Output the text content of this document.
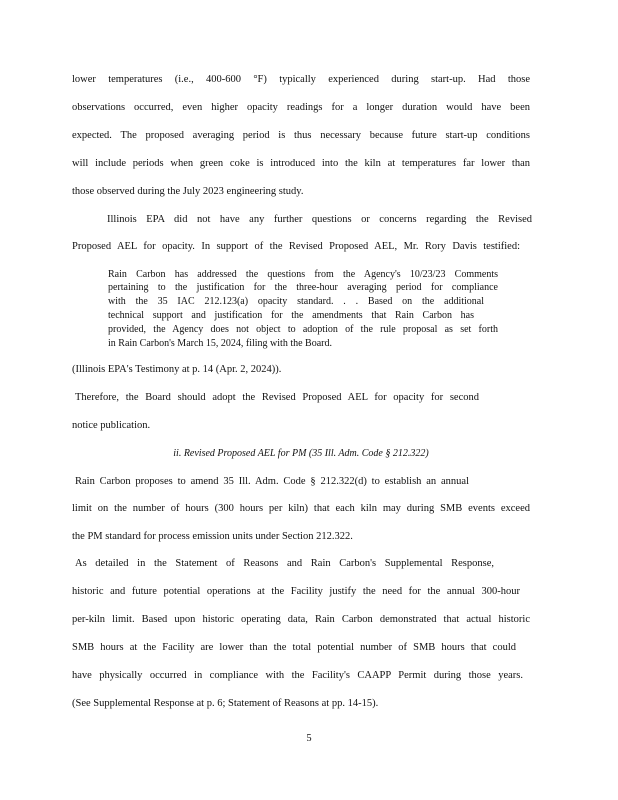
lower temperatures (i.e., 400-600 °F) typically experienced during start-up. Had those
observations occurred, even higher opacity readings for a longer duration would have been
expected. The proposed averaging period is thus necessary because future start-up conditions
will include periods when green coke is introduced into the kiln at temperatures far lower than
those observed during the July 2023 engineering study.
Illinois EPA did not have any further questions or concerns regarding the Revised
Proposed AEL for opacity. In support of the Revised Proposed AEL, Mr. Rory Davis testified:
Rain Carbon has addressed the questions from the Agency's 10/23/23 Comments
pertaining to the justification for the three-hour averaging period for compliance
with the 35 IAC 212.123(a) opacity standard. . . Based on the additional
technical support and justification for the amendments that Rain Carbon has
provided, the Agency does not object to adoption of the rule proposal as set forth
in Rain Carbon's March 15, 2024, filing with the Board.
(Illinois EPA's Testimony at p. 14 (Apr. 2, 2024)).
Therefore, the Board should adopt the Revised Proposed AEL for opacity for second
notice publication.
ii. Revised Proposed AEL for PM (35 Ill. Adm. Code § 212.322)
Rain Carbon proposes to amend 35 Ill. Adm. Code § 212.322(d) to establish an annual
limit on the number of hours (300 hours per kiln) that each kiln may during SMB events exceed
the PM standard for process emission units under Section 212.322.
As detailed in the Statement of Reasons and Rain Carbon's Supplemental Response,
historic and future potential operations at the Facility justify the need for the annual 300-hour
per-kiln limit. Based upon historic operating data, Rain Carbon demonstrated that actual historic
SMB hours at the Facility are lower than the total potential number of SMB hours that could
have physically occurred in compliance with the Facility's CAAPP Permit during those years.
(See Supplemental Response at p. 6; Statement of Reasons at pp. 14-15).
5
